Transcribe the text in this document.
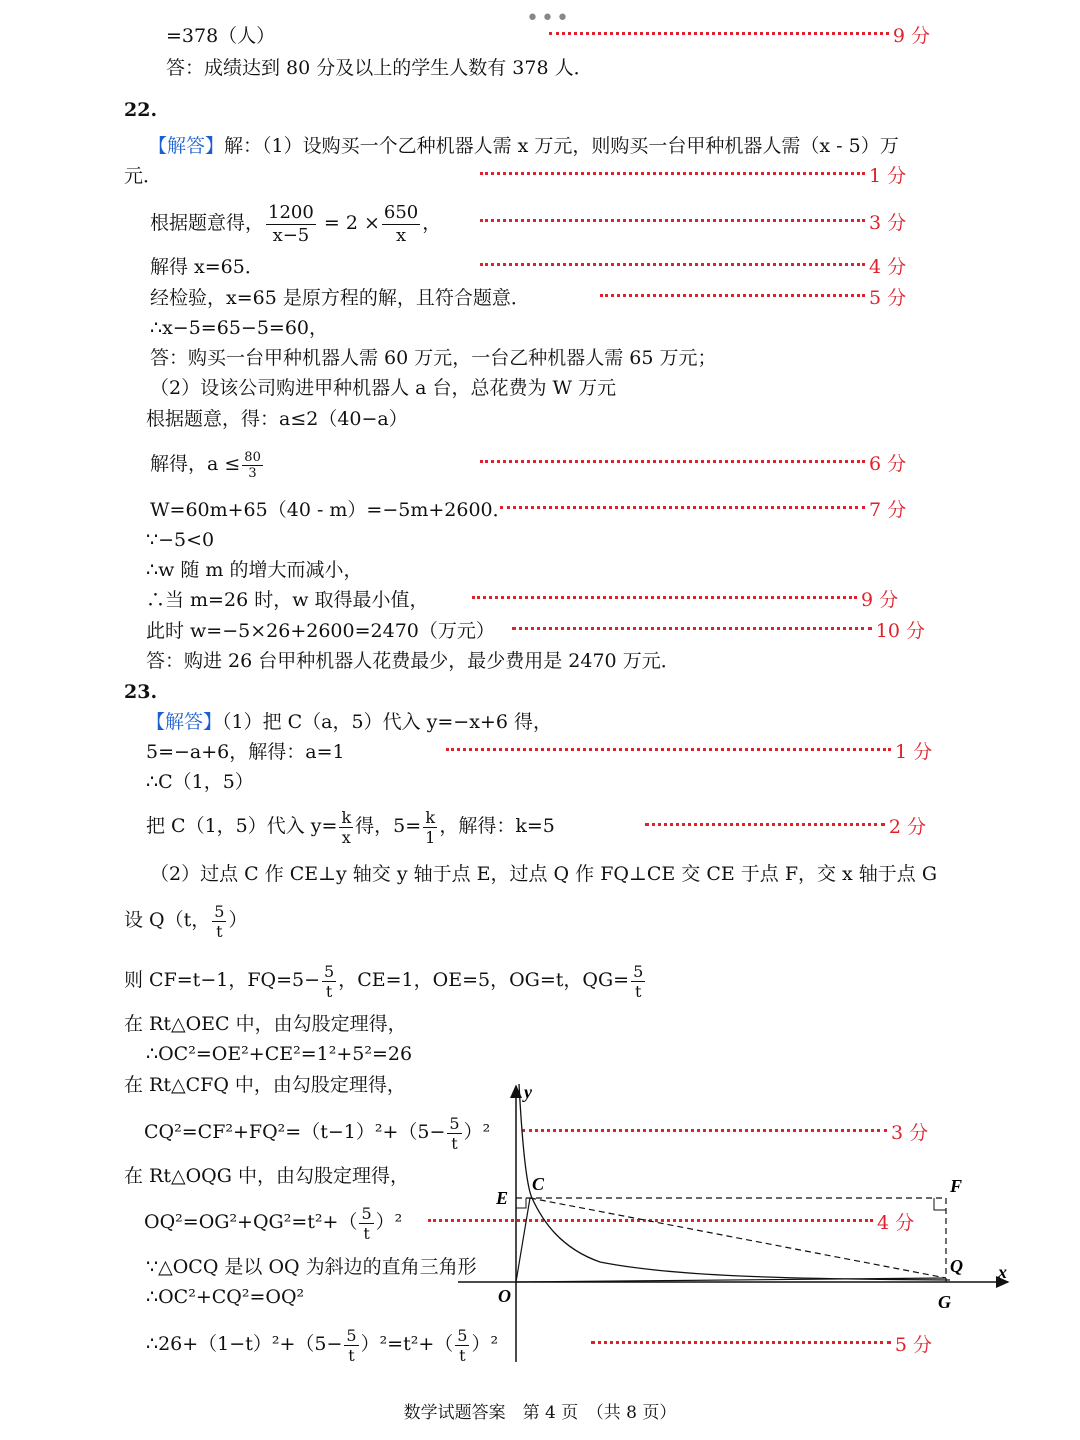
•••
=378（人）	9 分
答：成绩达到 80 分及以上的学生人数有 378 人．
22.
【解答】解：（1）设购买一个乙种机器人需 x 万元，则购买一台甲种机器人需（x - 5）万
元．	1 分
根据题意得， $\frac{1200}{x-5} = 2 \times \frac{650}{x}$ ，	3 分
解得 x=65．	4 分
经检验，x=65 是原方程的解，且符合题意．	5 分
∴x−5=65−5=60，
答：购买一台甲种机器人需 60 万元，一台乙种机器人需 65 万元；
（2）设该公司购进甲种机器人 a 台，总花费为 W 万元
根据题意，得：a≤2（40−a）
解得，$a \le \frac{80}{3}$	6 分
W=60m+65（40 - m）=−5m+2600．	7 分
∵−5<0
∴w 随 m 的增大而减小，
∴当 m=26 时，w 取得最小值，	9 分
此时 w=−5×26+2600=2470（万元）	10 分
答：购进 26 台甲种机器人花费最少，最少费用是 2470 万元．
23.
【解答】（1）把 C（a，5）代入 y=−x+6 得，
5=−a+6，解得：a=1	1 分
∴C（1，5）
把 C（1，5）代入 $y= \frac{k}{x}$ 得，$5= \frac{k}{1}$ ，解得：k=5	2 分
（2）过点 C 作 CE⊥y 轴交 y 轴于点 E，过点 Q 作 FQ⊥CE 交 CE 于点 F，交 x 轴于点 G
设 Q（t， $\frac{5}{t}$ ）
则 CF=t−1，$FQ=5- \frac{5}{t}$ ，CE=1，OE=5，OG=t，$QG= \frac{5}{t}$
在 Rt△OEC 中，由勾股定理得，
∴OC²=OE²+CE²=1²+5²=26
在 Rt△CFQ 中，由勾股定理得，
$CQ^2=CF^2+FQ^2=(t-1)^2+(5- \frac{5}{t} )^2$	3 分
在 Rt△OQG 中，由勾股定理得，
$OQ^2=OG^2+QG^2=t^2+( \frac{5}{t} )^2$	4 分
∵△OCQ 是以 OQ 为斜边的直角三角形
∴OC²+CQ²=OQ²
∴26+（1−t）²+（5− $\frac{5}{t} )^2=t^2+( \frac{5}{t} )^2$	5 分
y
x
O
E
C	F
Q
G
数学试题答案　第 4 页　（共 8 页）
